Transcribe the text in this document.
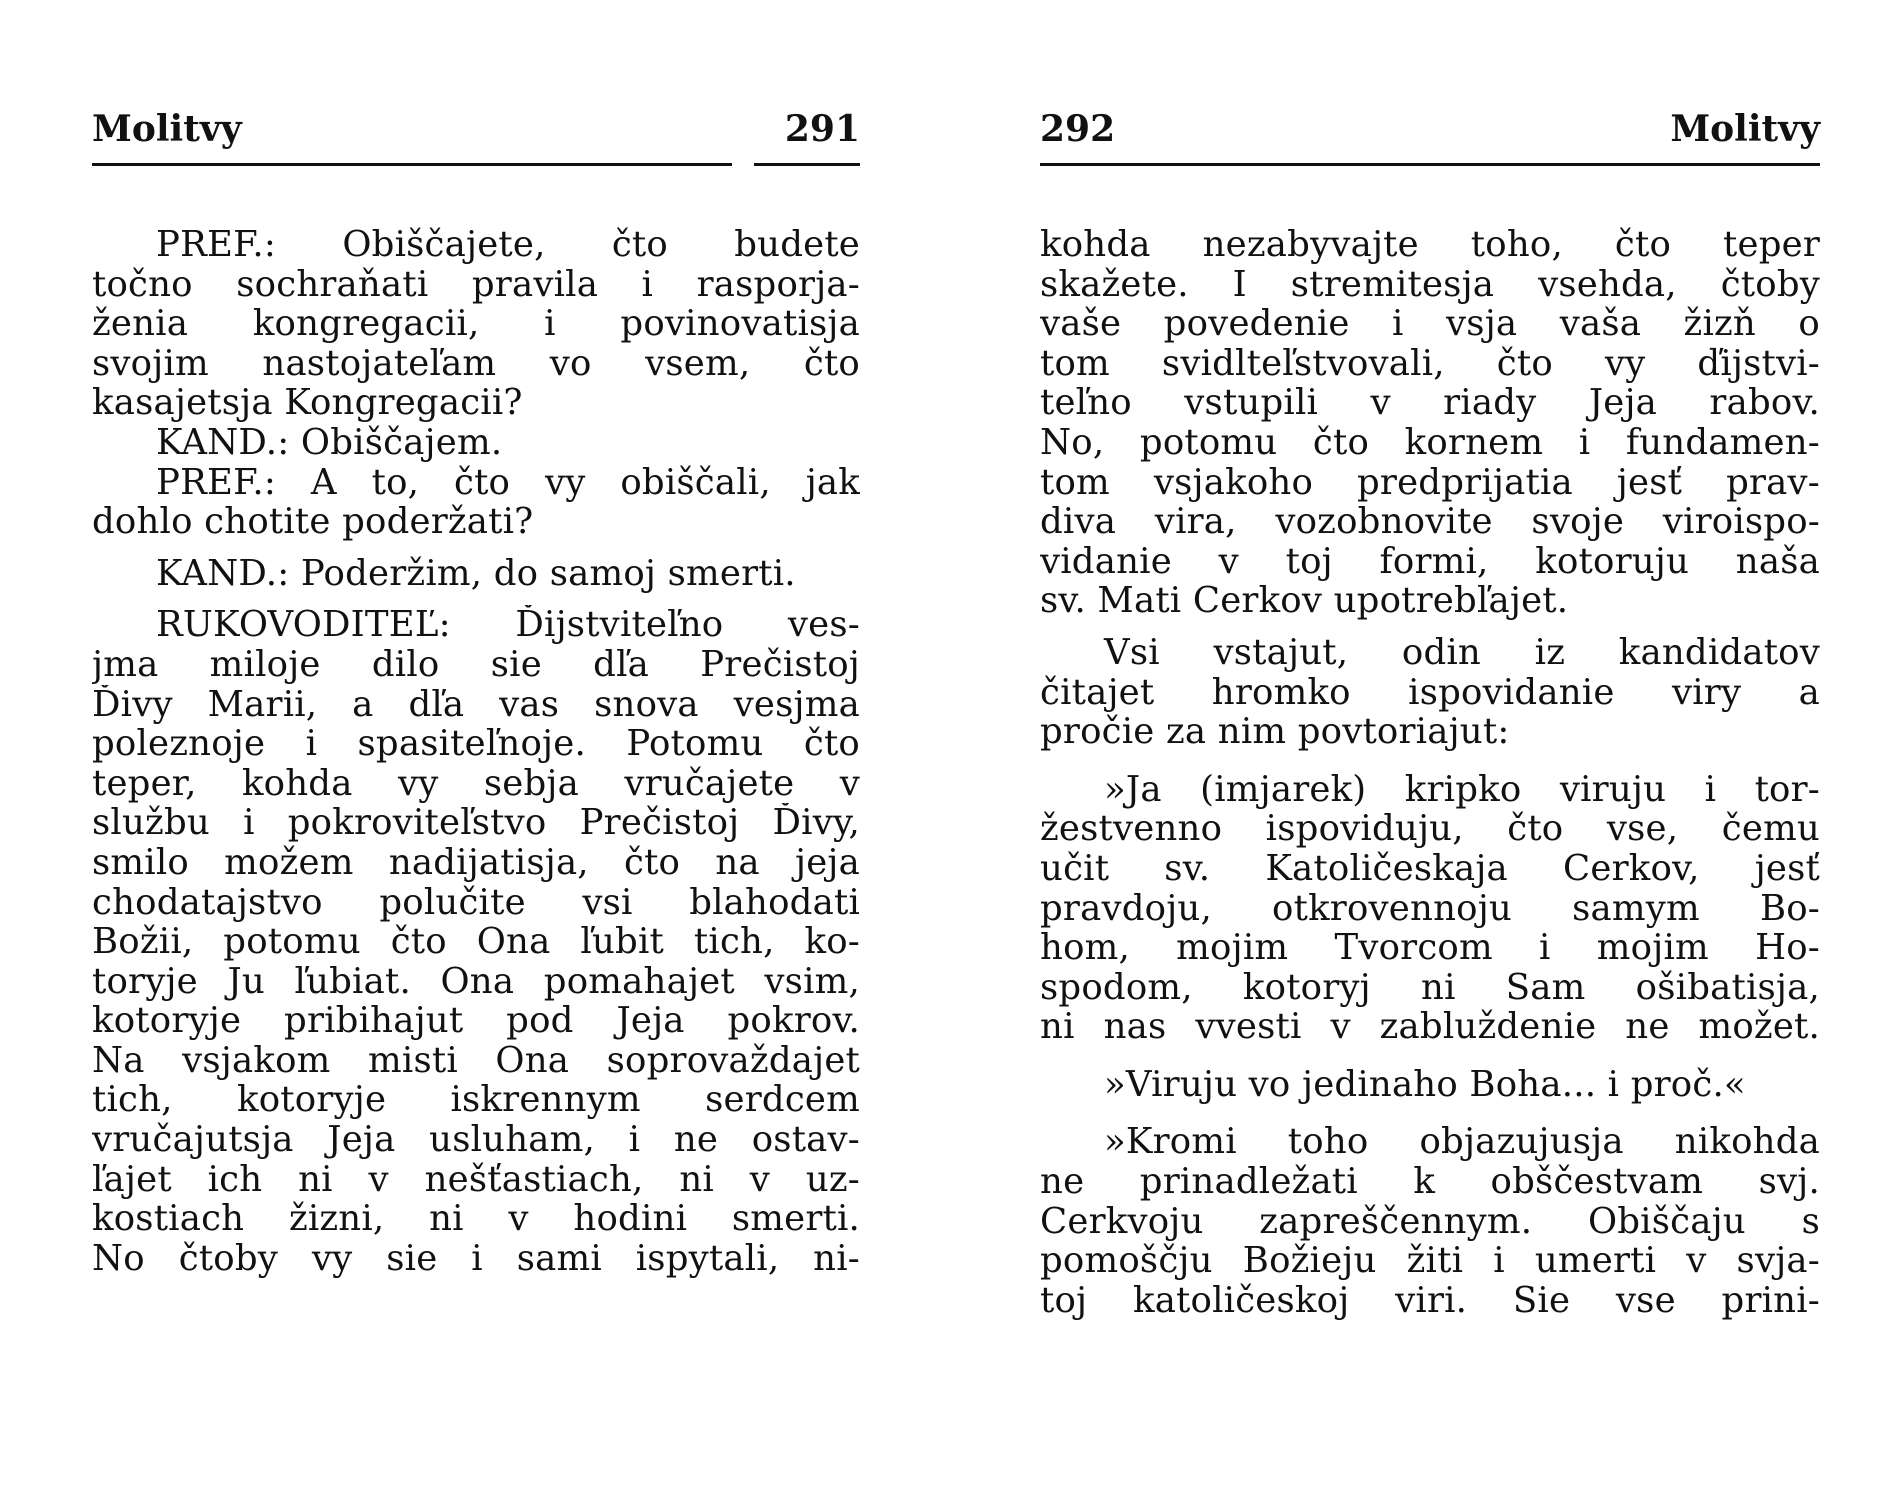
Molitvy	291
PREF.: Obiščajete, čto budete
točno sochraňati pravila i rasporja-
ženia kongregacii, i povinovatisja
svojim nastojateľam vo vsem, čto
kasajetsja Kongregacii?
KAND.: Obiščajem.
PREF.: A to, čto vy obiščali, jak
dohlo chotite poderžati?
KAND.: Poderžim, do samoj smerti.
RUKOVODITEĽ: Ďijstviteľno ves-
jma miloje dilo sie dľa Prečistoj
Ďivy Marii, a dľa vas snova vesjma
poleznoje i spasiteľnoje. Potomu čto
teper, kohda vy sebja vručajete v
službu i pokroviteľstvo Prečistoj Ďivy,
smilo možem nadijatisja, čto na jeja
chodatajstvo polučite vsi blahodati
Božii, potomu čto Ona ľubit tich, ko-
toryje Ju ľubiat. Ona pomahajet vsim,
kotoryje pribihajut pod Jeja pokrov.
Na vsjakom misti Ona soprovaždajet
tich, kotoryje iskrennym serdcem
vručajutsja Jeja usluham, i ne ostav-
ľajet ich ni v nešťastiach, ni v uz-
kostiach žizni, ni v hodini smerti.
No čtoby vy sie i sami ispytali, ni-
292	Molitvy
kohda nezabyvajte toho, čto teper
skažete. I stremitesja vsehda, čtoby
vaše povedenie i vsja vaša žizň o
tom svidlteľstvovali, čto vy ďijstvi-
teľno vstupili v riady Jeja rabov.
No, potomu čto kornem i fundamen-
tom vsjakoho predprijatia jesť prav-
diva vira, vozobnovite svoje viroispo-
vidanie v toj formi, kotoruju naša
sv. Mati Cerkov upotrebľajet.
Vsi vstajut, odin iz kandidatov
čitajet hromko ispovidanie viry a
pročie za nim povtoriajut:
»Ja (imjarek) kripko viruju i tor-
žestvenno ispoviduju, čto vse, čemu
učit sv. Katoličeskaja Cerkov, jesť
pravdoju, otkrovennoju samym Bo-
hom, mojim Tvorcom i mojim Ho-
spodom, kotoryj ni Sam ošibatisja,
ni nas vvesti v zabluždenie ne možet.
»Viruju vo jedinaho Boha... i proč.«
»Kromi toho objazujusja nikohda
ne prinadležati k obščestvam svj.
Cerkvoju zapreščennym. Obiščaju s
pomoščju Božieju žiti i umerti v svja-
toj katoličeskoj viri. Sie vse prini-
